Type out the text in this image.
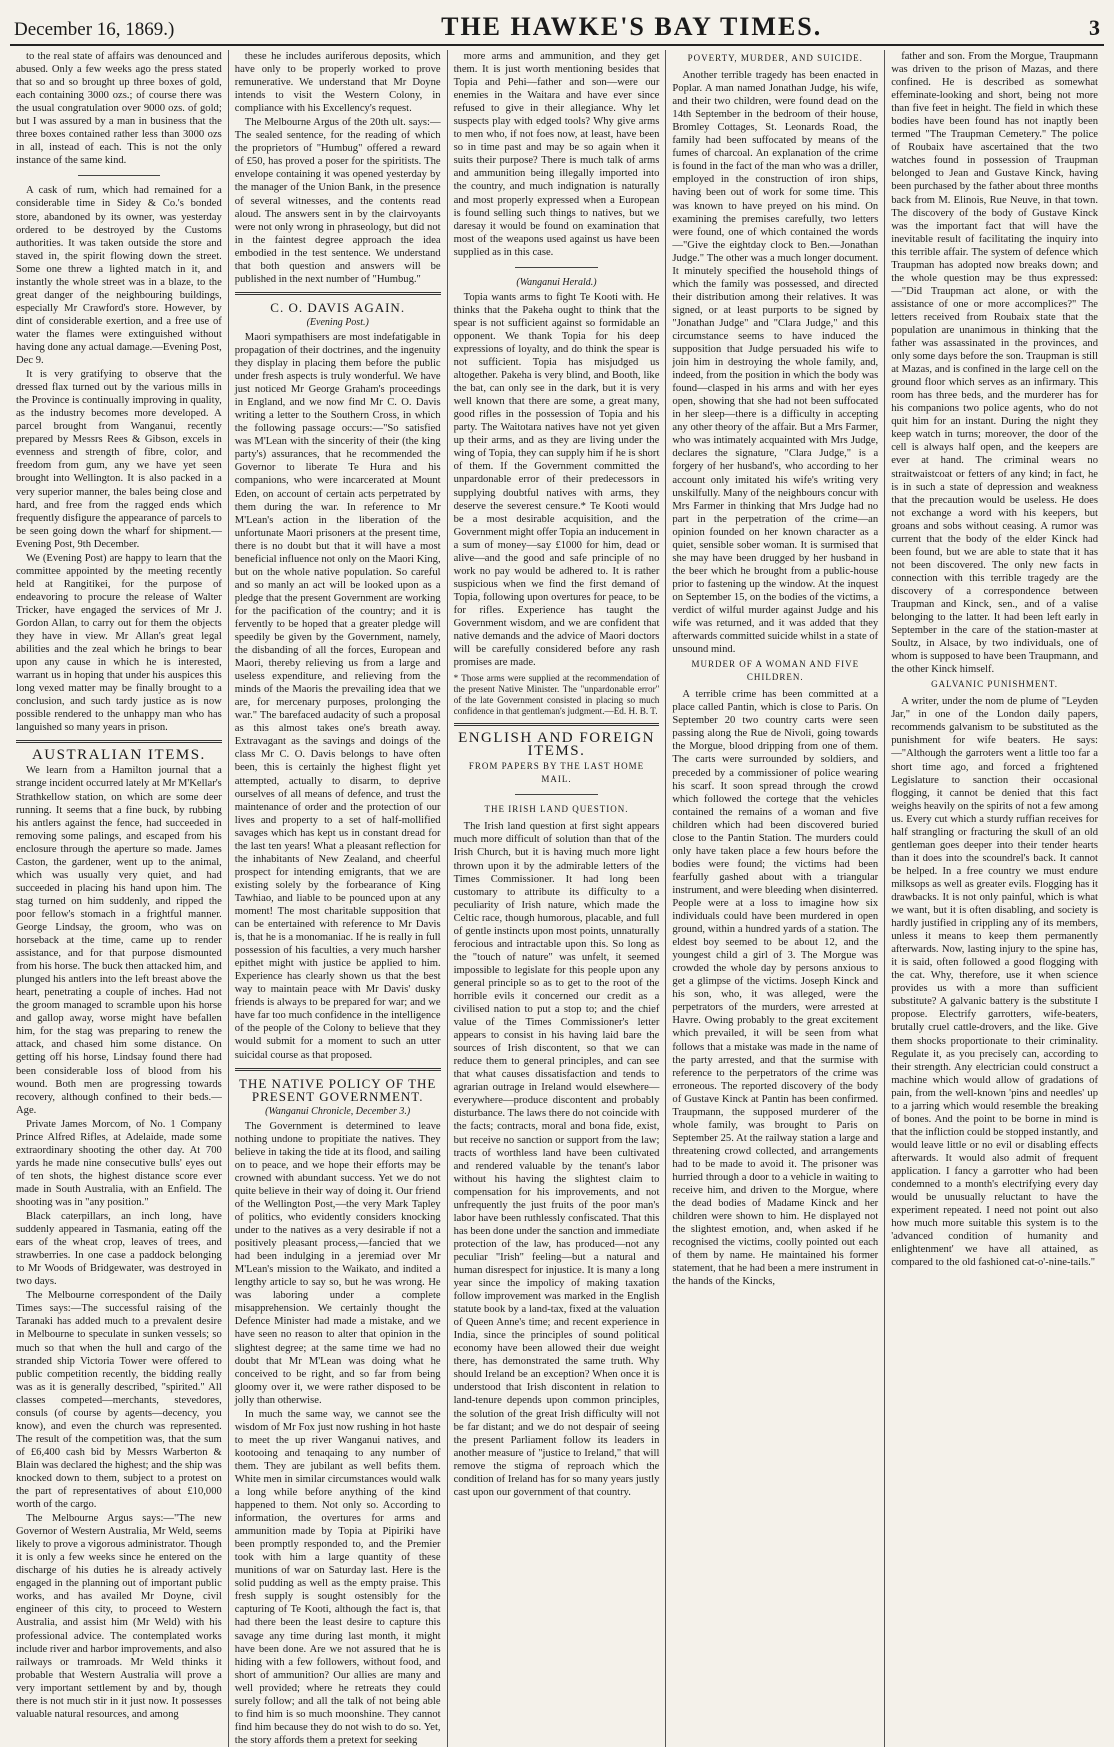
December 16, 1869.)	THE HAWKE'S BAY TIMES.	3

to the real state of affairs was denounced and abused. Only a few weeks ago the press stated that so and so brought up three boxes of gold, each containing 3000 ozs.; of course there was the usual congratulation over 9000 ozs. of gold; but I was assured by a man in business that the three boxes contained rather less than 3000 ozs in all, instead of each. This is not the only instance of the same kind.

A cask of rum, which had remained for a considerable time in Sidey & Co.'s bonded store, abandoned by its owner, was yesterday ordered to be destroyed by the Customs authorities. It was taken outside the store and staved in, the spirit flowing down the street. Some one threw a lighted match in it, and instantly the whole street was in a blaze, to the great danger of the neighbouring buildings, especially Mr Crawford's store. However, by dint of considerable exertion, and a free use of water the flames were extinguished without having done any actual damage.—Evening Post, Dec 9.

It is very gratifying to observe that the dressed flax turned out by the various mills in the Province is continually improving in quality, as the industry becomes more developed. A parcel brought from Wanganui, recently prepared by Messrs Rees & Gibson, excels in evenness and strength of fibre, color, and freedom from gum, any we have yet seen brought into Wellington. It is also packed in a very superior manner, the bales being close and hard, and free from the ragged ends which frequently disfigure the appearance of parcels to be seen going down the wharf for shipment.—Evening Post, 9th December.

We (Evening Post) are happy to learn that the committee appointed by the meeting recently held at Rangitikei, for the purpose of endeavoring to procure the release of Walter Tricker, have engaged the services of Mr J. Gordon Allan, to carry out for them the objects they have in view. Mr Allan's great legal abilities and the zeal which he brings to bear upon any cause in which he is interested, warrant us in hoping that under his auspices this long vexed matter may be finally brought to a conclusion, and such tardy justice as is now possible rendered to the unhappy man who has languished so many years in prison.

AUSTRALIAN ITEMS.

We learn from a Hamilton journal that a strange incident occurred lately at Mr M'Kellar's Strathkellow station, on which are some deer running. It seems that a fine buck, by rubbing his antlers against the fence, had succeeded in removing some palings, and escaped from his enclosure through the aperture so made. James Caston, the gardener, went up to the animal, which was usually very quiet, and had succeeded in placing his hand upon him. The stag turned on him suddenly, and ripped the poor fellow's stomach in a frightful manner. George Lindsay, the groom, who was on horseback at the time, came up to render assistance, and for that purpose dismounted from his horse. The buck then attacked him, and plunged his antlers into the left breast above the heart, penetrating a couple of inches. Had not the groom managed to scramble upon his horse and gallop away, worse might have befallen him, for the stag was preparing to renew the attack, and chased him some distance. On getting off his horse, Lindsay found there had been considerable loss of blood from his wound. Both men are progressing towards recovery, although confined to their beds.—Age.

Private James Morcom, of No. 1 Company Prince Alfred Rifles, at Adelaide, made some extraordinary shooting the other day. At 700 yards he made nine consecutive bulls' eyes out of ten shots, the highest distance score ever made in South Australia, with an Enfield. The shooting was in "any position."

Black caterpillars, an inch long, have suddenly appeared in Tasmania, eating off the ears of the wheat crop, leaves of trees, and strawberries. In one case a paddock belonging to Mr Woods of Bridgewater, was destroyed in two days.

The Melbourne correspondent of the Daily Times says:—The successful raising of the Taranaki has added much to a prevalent desire in Melbourne to speculate in sunken vessels; so much so that when the hull and cargo of the stranded ship Victoria Tower were offered to public competition recently, the bidding really was as it is generally described, "spirited." All classes competed—merchants, stevedores, consuls (of course by agents—decency, you know), and even the church was represented. The result of the competition was, that the sum of £6,400 cash bid by Messrs Warberton & Blain was declared the highest; and the ship was knocked down to them, subject to a protest on the part of representatives of about £10,000 worth of the cargo.

The Melbourne Argus says:—"The new Governor of Western Australia, Mr Weld, seems likely to prove a vigorous administrator. Though it is only a few weeks since he entered on the discharge of his duties he is already actively engaged in the planning out of important public works, and has availed Mr Doyne, civil engineer of this city, to proceed to Western Australia, and assist him (Mr Weld) with his professional advice. The contemplated works include river and harbor improvements, and also railways or tramroads. Mr Weld thinks it probable that Western Australia will prove a very important settlement by and by, though there is not much stir in it just now. It possesses valuable natural resources, and among

these he includes auriferous deposits, which have only to be properly worked to prove remunerative. We understand that Mr Doyne intends to visit the Western Colony, in compliance with his Excellency's request.

The Melbourne Argus of the 20th ult. says:—The sealed sentence, for the reading of which the proprietors of "Humbug" offered a reward of £50, has proved a poser for the spiritists. The envelope containing it was opened yesterday by the manager of the Union Bank, in the presence of several witnesses, and the contents read aloud. The answers sent in by the clairvoyants were not only wrong in phraseology, but did not in the faintest degree approach the idea embodied in the test sentence. We understand that both question and answers will be published in the next number of "Humbug."

C. O. DAVIS AGAIN.
(Evening Post.)

Maori sympathisers are most indefatigable in propagation of their doctrines, and the ingenuity they display in placing them before the public under fresh aspects is truly wonderful. We have just noticed Mr George Graham's proceedings in England, and we now find Mr C. O. Davis writing a letter to the Southern Cross, in which the following passage occurs:—"So satisfied was M'Lean with the sincerity of their (the king party's) assurances, that he recommended the Governor to liberate Te Hura and his companions, who were incarcerated at Mount Eden, on account of certain acts perpetrated by them during the war. In reference to Mr M'Lean's action in the liberation of the unfortunate Maori prisoners at the present time, there is no doubt but that it will have a most beneficial influence not only on the Maori King, but on the whole native population. So careful and so manly an act will be looked upon as a pledge that the present Government are working for the pacification of the country; and it is fervently to be hoped that a greater pledge will speedily be given by the Government, namely, the disbanding of all the forces, European and Maori, thereby relieving us from a large and useless expenditure, and relieving from the minds of the Maoris the prevailing idea that we are, for mercenary purposes, prolonging the war." The barefaced audacity of such a proposal as this almost takes one's breath away. Extravagant as the savings and doings of the class Mr C. O. Davis belongs to have often been, this is certainly the highest flight yet attempted, actually to disarm, to deprive ourselves of all means of defence, and trust the maintenance of order and the protection of our lives and property to a set of half-mollified savages which has kept us in constant dread for the last ten years! What a pleasant reflection for the inhabitants of New Zealand, and cheerful prospect for intending emigrants, that we are existing solely by the forbearance of King Tawhiao, and liable to be pounced upon at any moment! The most charitable supposition that can be entertained with reference to Mr Davis is, that he is a monomaniac. If he is really in full possession of his faculties, a very much harsher epithet might with justice be applied to him. Experience has clearly shown us that the best way to maintain peace with Mr Davis' dusky friends is always to be prepared for war; and we have far too much confidence in the intelligence of the people of the Colony to believe that they would submit for a moment to such an utter suicidal course as that proposed.

THE NATIVE POLICY OF THE PRESENT GOVERNMENT.
(Wanganui Chronicle, December 3.)

The Government is determined to leave nothing undone to propitiate the natives. They believe in taking the tide at its flood, and sailing on to peace, and we hope their efforts may be crowned with abundant success. Yet we do not quite believe in their way of doing it. Our friend of the Wellington Post,—the very Mark Tapley of politics, who evidently considers knocking under to the natives as a very desirable if not a positively pleasant process,—fancied that we had been indulging in a jeremiad over Mr M'Lean's mission to the Waikato, and indited a lengthy article to say so, but he was wrong. He was laboring under a complete misapprehension. We certainly thought the Defence Minister had made a mistake, and we have seen no reason to alter that opinion in the slightest degree; at the same time we had no doubt that Mr M'Lean was doing what he conceived to be right, and so far from being gloomy over it, we were rather disposed to be jolly than otherwise.

In much the same way, we cannot see the wisdom of Mr Fox just now rushing in hot haste to meet the up river Wanganui natives, and kootooing and tenaqaing to any number of them. They are jubilant as well befits them. White men in similar circumstances would walk a long while before anything of the kind happened to them. Not only so. According to information, the overtures for arms and ammunition made by Topia at Pipiriki have been promptly responded to, and the Premier took with him a large quantity of these munitions of war on Saturday last. Here is the solid pudding as well as the empty praise. This fresh supply is sought ostensibly for the capturing of Te Kooti, although the fact is, that had there been the least desire to capture this savage any time during last month, it might have been done. Are we not assured that he is hiding with a few followers, without food, and short of ammunition? Our allies are many and well provided; where he retreats they could surely follow; and all the talk of not being able to find him is so much moonshine. They cannot find him because they do not wish to do so. Yet, the story affords them a pretext for seeking

more arms and ammunition, and they get them. It is just worth mentioning besides that Topia and Pehi—father and son—were our enemies in the Waitara and have ever since refused to give in their allegiance. Why let suspects play with edged tools? Why give arms to men who, if not foes now, at least, have been so in time past and may be so again when it suits their purpose? There is much talk of arms and ammunition being illegally imported into the country, and much indignation is naturally and most properly expressed when a European is found selling such things to natives, but we daresay it would be found on examination that most of the weapons used against us have been supplied as in this case.

(Wanganui Herald.)

Topia wants arms to fight Te Kooti with. He thinks that the Pakeha ought to think that the spear is not sufficient against so formidable an opponent. We thank Topia for his deep expressions of loyalty, and do think the spear is not sufficient. Topia has misjudged us altogether. Pakeha is very blind, and Booth, like the bat, can only see in the dark, but it is very well known that there are some, a great many, good rifles in the possession of Topia and his party. The Waitotara natives have not yet given up their arms, and as they are living under the wing of Topia, they can supply him if he is short of them. If the Government committed the unpardonable error of their predecessors in supplying doubtful natives with arms, they deserve the severest censure.* Te Kooti would be a most desirable acquisition, and the Government might offer Topia an inducement in a sum of money—say £1000 for him, dead or alive—and the good and safe principle of no work no pay would be adhered to. It is rather suspicious when we find the first demand of Topia, following upon overtures for peace, to be for rifles. Experience has taught the Government wisdom, and we are confident that native demands and the advice of Maori doctors will be carefully considered before any rash promises are made.

* Those arms were supplied at the recommendation of the present Native Minister. The "unpardonable error" of the late Government consisted in placing so much confidence in that gentleman's judgment.—Ed. H. B. T.
ENGLISH AND FOREIGN ITEMS.
FROM PAPERS BY THE LAST HOME MAIL.
THE IRISH LAND QUESTION.

The Irish land question at first sight appears much more difficult of solution than that of the Irish Church, but it is having much more light thrown upon it by the admirable letters of the Times Commissioner. It had long been customary to attribute its difficulty to a peculiarity of Irish nature, which made the Celtic race, though humorous, placable, and full of gentle instincts upon most points, unnaturally ferocious and intractable upon this. So long as the "touch of nature" was unfelt, it seemed impossible to legislate for this people upon any general principle so as to get to the root of the horrible evils it concerned our credit as a civilised nation to put a stop to; and the chief value of the Times Commissioner's letter appears to consist in his having laid bare the sources of Irish discontent, so that we can reduce them to general principles, and can see that what causes dissatisfaction and tends to agrarian outrage in Ireland would elsewhere—everywhere—produce discontent and probably disturbance. The laws there do not coincide with the facts; contracts, moral and bona fide, exist, but receive no sanction or support from the law; tracts of worthless land have been cultivated and rendered valuable by the tenant's labor without his having the slightest claim to compensation for his improvements, and not unfrequently the just fruits of the poor man's labor have been ruthlessly confiscated. That this has been done under the sanction and immediate protection of the law, has produced—not any peculiar "Irish" feeling—but a natural and human disrespect for injustice. It is many a long year since the impolicy of making taxation follow improvement was marked in the English statute book by a land-tax, fixed at the valuation of Queen Anne's time; and recent experience in India, since the principles of sound political economy have been allowed their due weight there, has demonstrated the same truth. Why should Ireland be an exception? When once it is understood that Irish discontent in relation to land-tenure depends upon common principles, the solution of the great Irish difficulty will not be far distant; and we do not despair of seeing the present Parliament follow its leaders in another measure of "justice to Ireland," that will remove the stigma of reproach which the condition of Ireland has for so many years justly cast upon our government of that country.

POVERTY, MURDER, AND SUICIDE.

Another terrible tragedy has been enacted in Poplar. A man named Jonathan Judge, his wife, and their two children, were found dead on the 14th September in the bedroom of their house, Bromley Cottages, St. Leonards Road, the family had been suffocated by means of the fumes of charcoal. An explanation of the crime is found in the fact of the man who was a driller, employed in the construction of iron ships, having been out of work for some time. This was known to have preyed on his mind. On examining the premises carefully, two letters were found, one of which contained the words—"Give the eightday clock to Ben.—Jonathan Judge." The other was a much longer document. It minutely specified the household things of which the family was possessed, and directed their distribution among their relatives. It was signed, or at least purports to be signed by "Jonathan Judge" and "Clara Judge," and this circumstance seems to have induced the supposition that Judge persuaded his wife to join him in destroying the whole family, and, indeed, from the position in which the body was found—clasped in his arms and with her eyes open, showing that she had not been suffocated in her sleep—there is a difficulty in accepting any other theory of the affair. But a Mrs Farmer, who was intimately acquainted with Mrs Judge, declares the signature, "Clara Judge," is a forgery of her husband's, who according to her account only imitated his wife's writing very unskilfully. Many of the neighbours concur with Mrs Farmer in thinking that Mrs Judge had no part in the perpetration of the crime—an opinion founded on her known character as a quiet, sensible sober woman. It is surmised that she may have been drugged by her husband in the beer which he brought from a public-house prior to fastening up the window. At the inquest on September 15, on the bodies of the victims, a verdict of wilful murder against Judge and his wife was returned, and it was added that they afterwards committed suicide whilst in a state of unsound mind.

MURDER OF A WOMAN AND FIVE CHILDREN.

A terrible crime has been committed at a place called Pantin, which is close to Paris. On September 20 two country carts were seen passing along the Rue de Nivoli, going towards the Morgue, blood dripping from one of them. The carts were surrounded by soldiers, and preceded by a commissioner of police wearing his scarf. It soon spread through the crowd which followed the cortege that the vehicles contained the remains of a woman and five children which had been discovered buried close to the Pantin Station. The murders could only have taken place a few hours before the bodies were found; the victims had been fearfully gashed about with a triangular instrument, and were bleeding when disinterred. People were at a loss to imagine how six individuals could have been murdered in open ground, within a hundred yards of a station. The eldest boy seemed to be about 12, and the youngest child a girl of 3. The Morgue was crowded the whole day by persons anxious to get a glimpse of the victims. Joseph Kinck and his son, who, it was alleged, were the perpetrators of the murders, were arrested at Havre. Owing probably to the great excitement which prevailed, it will be seen from what follows that a mistake was made in the name of the party arrested, and that the surmise with reference to the perpetrators of the crime was erroneous. The reported discovery of the body of Gustave Kinck at Pantin has been confirmed. Traupmann, the supposed murderer of the whole family, was brought to Paris on September 25. At the railway station a large and threatening crowd collected, and arrangements had to be made to avoid it. The prisoner was hurried through a door to a vehicle in waiting to receive him, and driven to the Morgue, where the dead bodies of Madame Kinck and her children were shown to him. He displayed not the slightest emotion, and, when asked if he recognised the victims, coolly pointed out each of them by name. He maintained his former statement, that he had been a mere instrument in the hands of the Kincks,

father and son. From the Morgue, Traupmann was driven to the prison of Mazas, and there confined. He is described as somewhat effeminate-looking and short, being not more than five feet in height. The field in which these bodies have been found has not inaptly been termed "The Traupman Cemetery." The police of Roubaix have ascertained that the two watches found in possession of Traupman belonged to Jean and Gustave Kinck, having been purchased by the father about three months back from M. Elinois, Rue Neuve, in that town. The discovery of the body of Gustave Kinck was the important fact that will have the inevitable result of facilitating the inquiry into this terrible affair. The system of defence which Traupman has adopted now breaks down; and the whole question may be thus expressed:—"Did Traupman act alone, or with the assistance of one or more accomplices?" The letters received from Roubaix state that the population are unanimous in thinking that the father was assassinated in the provinces, and only some days before the son. Traupman is still at Mazas, and is confined in the large cell on the ground floor which serves as an infirmary. This room has three beds, and the murderer has for his companions two police agents, who do not quit him for an instant. During the night they keep watch in turns; moreover, the door of the cell is always half open, and the keepers are ever at hand. The criminal wears no straitwaistcoat or fetters of any kind; in fact, he is in such a state of depression and weakness that the precaution would be useless. He does not exchange a word with his keepers, but groans and sobs without ceasing. A rumor was current that the body of the elder Kinck had been found, but we are able to state that it has not been discovered. The only new facts in connection with this terrible tragedy are the discovery of a correspondence between Traupman and Kinck, sen., and of a valise belonging to the latter. It had been left early in September in the care of the station-master at Soultz, in Alsace, by two individuals, one of whom is supposed to have been Traupmann, and the other Kinck himself.

GALVANIC PUNISHMENT.

A writer, under the nom de plume of "Leyden Jar," in one of the London daily papers, recommends galvanism to be substituted as the punishment for wife beaters. He says:—"Although the garroters went a little too far a short time ago, and forced a frightened Legislature to sanction their occasional flogging, it cannot be denied that this fact weighs heavily on the spirits of not a few among us. Every cut which a sturdy ruffian receives for half strangling or fracturing the skull of an old gentleman goes deeper into their tender hearts than it does into the scoundrel's back. It cannot be helped. In a free country we must endure milksops as well as greater evils. Flogging has it drawbacks. It is not only painful, which is what we want, but it is often disabling, and society is hardly justified in crippling any of its members, unless it means to keep them permanently afterwards. Now, lasting injury to the spine has, it is said, often followed a good flogging with the cat. Why, therefore, use it when science provides us with a more than sufficient substitute? A galvanic battery is the substitute I propose. Electrify garrotters, wife-beaters, brutally cruel cattle-drovers, and the like. Give them shocks proportionate to their criminality. Regulate it, as you precisely can, according to their strength. Any electrician could construct a machine which would allow of gradations of pain, from the well-known 'pins and needles' up to a jarring which would resemble the breaking of bones. And the point to be borne in mind is that the infliction could be stopped instantly, and would leave little or no evil or disabling effects afterwards. It would also admit of frequent application. I fancy a garrotter who had been condemned to a month's electrifying every day would be unusually reluctant to have the experiment repeated. I need not point out also how much more suitable this system is to the 'advanced condition of humanity and enlightenment' we have all attained, as compared to the old fashioned cat-o'-nine-tails."
